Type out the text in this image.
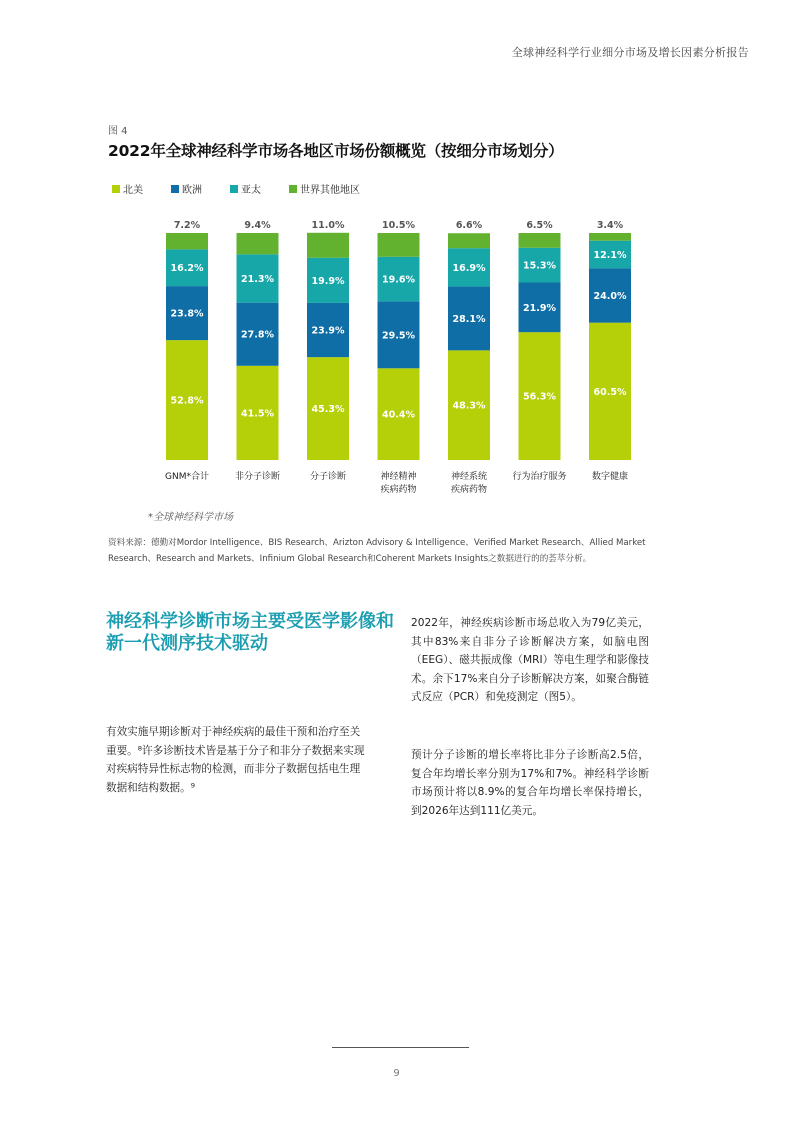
全球神经科学行业细分市场及增长因素分析报告
图 4
2022年全球神经科学市场各地区市场份额概览（按细分市场划分）
北美	欧洲	亚太	世界其他地区
52.8%
23.8%
16.2%
7.2%
GNM*合计
41.5%
27.8%
21.3%
9.4%
非分子诊断
45.3%
23.9%
19.9%
11.0%
分子诊断
40.4%
29.5%
19.6%
10.5%
神经精神
疾病药物
48.3%
28.1%
16.9%
6.6%
神经系统
疾病药物
56.3%
21.9%
15.3%
6.5%
行为治疗服务
60.5%
24.0%
12.1%
3.4%
数字健康
*全球神经科学市场
资料来源：德勤对Mordor Intelligence、BIS Research、Arizton Advisory & Intelligence、Verified Market Research、Allied Market Research、Research and Markets、Infinium Global Research和Coherent Markets Insights之数据进行的的荟萃分析。
神经科学诊断市场主要受医学影像和新一代测序技术驱动
有效实施早期诊断对于神经疾病的最佳干预和治疗至关重要。⁸许多诊断技术皆是基于分子和非分子数据来实现对疾病特异性标志物的检测，而非分子数据包括电生理数据和结构数据。⁹
2022年，神经疾病诊断市场总收入为79亿美元，其中83%来自非分子诊断解决方案，如脑电图（EEG）、磁共振成像（MRI）等电生理学和影像技术。余下17%来自分子诊断解决方案，如聚合酶链式反应（PCR）和免疫测定（图5）。
预计分子诊断的增长率将比非分子诊断高2.5倍，复合年均增长率分别为17%和7%。神经科学诊断市场预计将以8.9%的复合年均增长率保持增长，到2026年达到111亿美元。
9
